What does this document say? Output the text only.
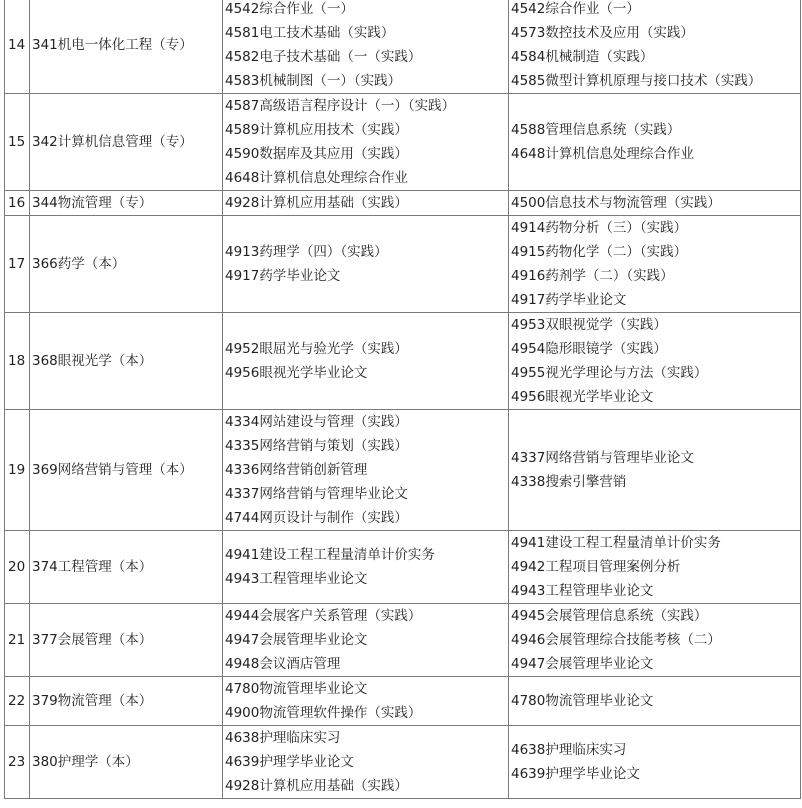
14	341机电一体化工程（专）	4542综合作业（一）
4581电工技术基础（实践）
4582电子技术基础（一（实践）
4583机械制图（一）（实践）	4542综合作业（一）
4573数控技术及应用（实践）
4584机械制造（实践）
4585微型计算机原理与接口技术（实践）

15	342计算机信息管理（专）	4587高级语言程序设计（一）（实践）
4589计算机应用技术（实践）
4590数据库及其应用（实践）
4648计算机信息处理综合作业	4588管理信息系统（实践）
4648计算机信息处理综合作业

16	344物流管理（专）	4928计算机应用基础（实践）	4500信息技术与物流管理（实践）

17	366药学（本）	4913药理学（四）（实践）
4917药学毕业论文	4914药物分析（三）（实践）
4915药物化学（二）（实践）
4916药剂学（二）（实践）
4917药学毕业论文

18	368眼视光学（本）	4952眼屈光与验光学（实践）
4956眼视光学毕业论文	4953双眼视觉学（实践）
4954隐形眼镜学（实践）
4955视光学理论与方法（实践）
4956眼视光学毕业论文

19	369网络营销与管理（本）	4334网站建设与管理（实践）
4335网络营销与策划（实践）
4336网络营销创新管理
4337网络营销与管理毕业论文
4744网页设计与制作（实践）	4337网络营销与管理毕业论文
4338搜索引擎营销

20	374工程管理（本）	4941建设工程工程量清单计价实务
4943工程管理毕业论文	4941建设工程工程量清单计价实务
4942工程项目管理案例分析
4943工程管理毕业论文

21	377会展管理（本）	4944会展客户关系管理（实践）
4947会展管理毕业论文
4948会议酒店管理	4945会展管理信息系统（实践）
4946会展管理综合技能考核（二）
4947会展管理毕业论文

22	379物流管理（本）	4780物流管理毕业论文
4900物流管理软件操作（实践）	4780物流管理毕业论文

23	380护理学（本）	4638护理临床实习
4639护理学毕业论文
4928计算机应用基础（实践）	4638护理临床实习
4639护理学毕业论文
